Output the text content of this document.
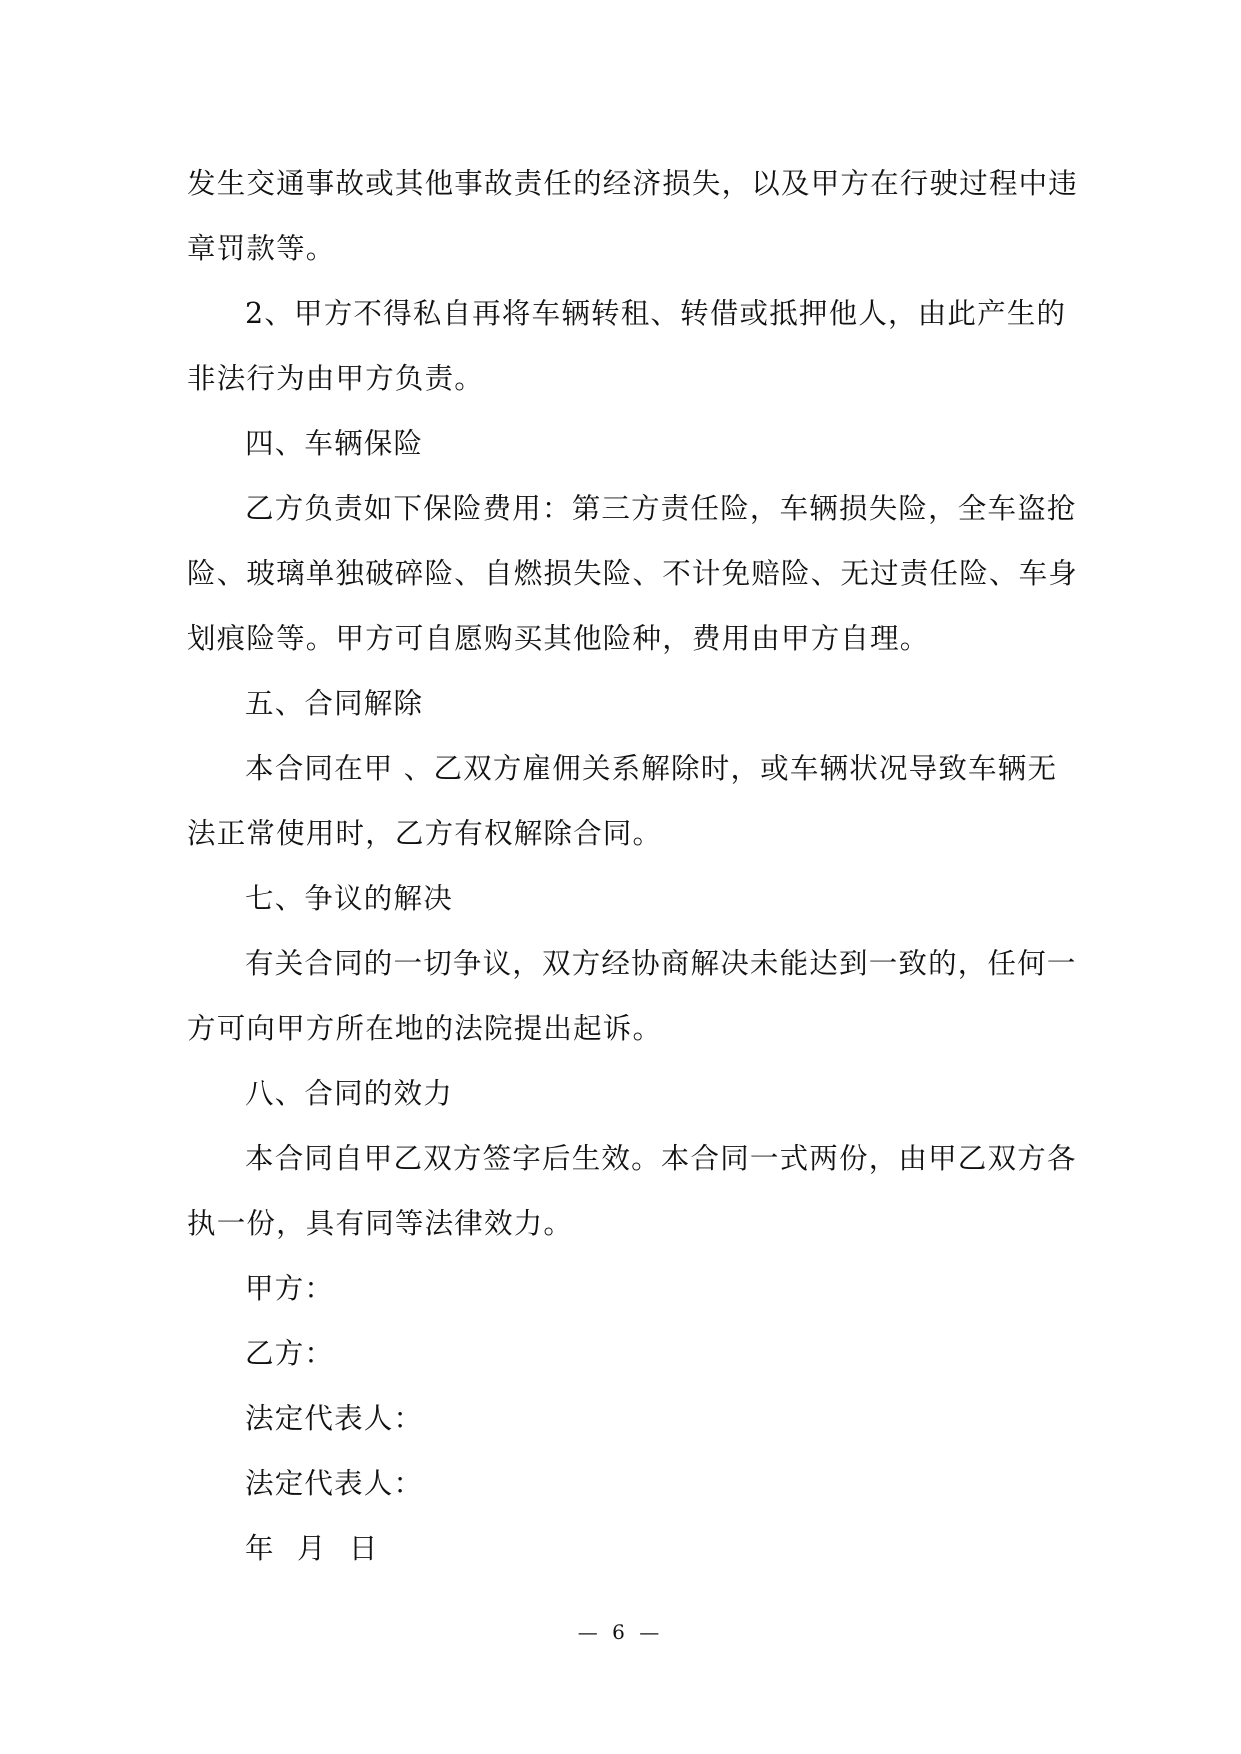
发生交通事故或其他事故责任的经济损失，以及甲方在行驶过程中违
章罚款等。
2、甲方不得私自再将车辆转租、转借或抵押他人，由此产生的
非法行为由甲方负责。
四、车辆保险
乙方负责如下保险费用：第三方责任险，车辆损失险，全车盗抢
险、玻璃单独破碎险、自燃损失险、不计免赔险、无过责任险、车身
划痕险等。甲方可自愿购买其他险种，费用由甲方自理。
五、合同解除
本合同在甲 、乙双方雇佣关系解除时，或车辆状况导致车辆无
法正常使用时，乙方有权解除合同。
七、争议的解决
有关合同的一切争议，双方经协商解决未能达到一致的，任何一
方可向甲方所在地的法院提出起诉。
八、合同的效力
本合同自甲乙双方签字后生效。本合同一式两份，由甲乙双方各
执一份，具有同等法律效力。
甲方：
乙方：
法定代表人：
法定代表人：
年 月 日
— 6 —
